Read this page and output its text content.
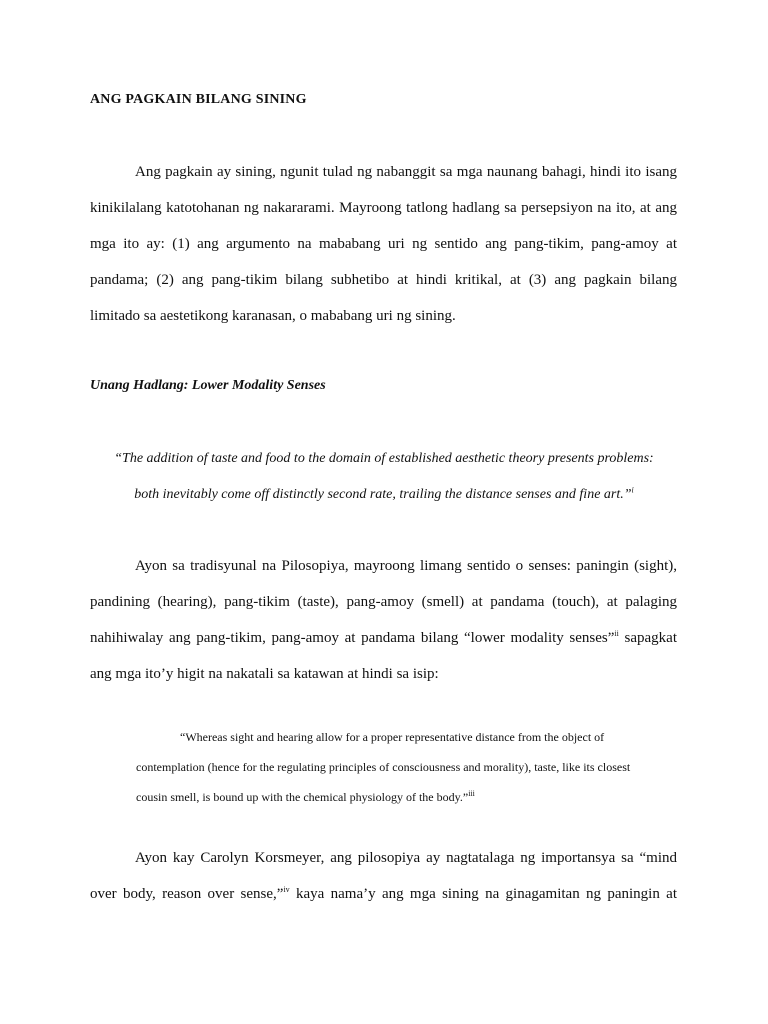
ANG PAGKAIN BILANG SINING
Ang pagkain ay sining, ngunit tulad ng nabanggit sa mga naunang bahagi, hindi ito isang
kinikilalang katotohanan ng nakararami. Mayroong tatlong hadlang sa persepsiyon na ito, at ang
mga ito ay: (1) ang argumento na mababang uri ng sentido ang pang-tikim, pang-amoy at
pandama; (2) ang pang-tikim bilang subhetibo at hindi kritikal, at (3) ang pagkain bilang
limitado sa aestetikong karanasan, o mababang uri ng sining.
Unang Hadlang: Lower Modality Senses
“The addition of taste and food to the domain of established aesthetic theory presents problems:
both inevitably come off distinctly second rate, trailing the distance senses and fine art.”$^i$
Ayon sa tradisyunal na Pilosopiya, mayroong limang sentido o senses: paningin (sight),
pandining (hearing), pang-tikim (taste), pang-amoy (smell) at pandama (touch), at palaging
nahihiwalay ang pang-tikim, pang-amoy at pandama bilang “lower modality senses”$^{ii}$ sapagkat
ang mga ito’y higit na nakatali sa katawan at hindi sa isip:
“Whereas sight and hearing allow for a proper representative distance from the object of
contemplation (hence for the regulating principles of consciousness and morality), taste, like its closest
cousin smell, is bound up with the chemical physiology of the body.”$^{iii}$
Ayon kay Carolyn Korsmeyer, ang pilosopiya ay nagtatalaga ng importansya sa “mind
over body, reason over sense,”$^{iv}$ kaya nama’y ang mga sining na ginagamitan ng paningin at
